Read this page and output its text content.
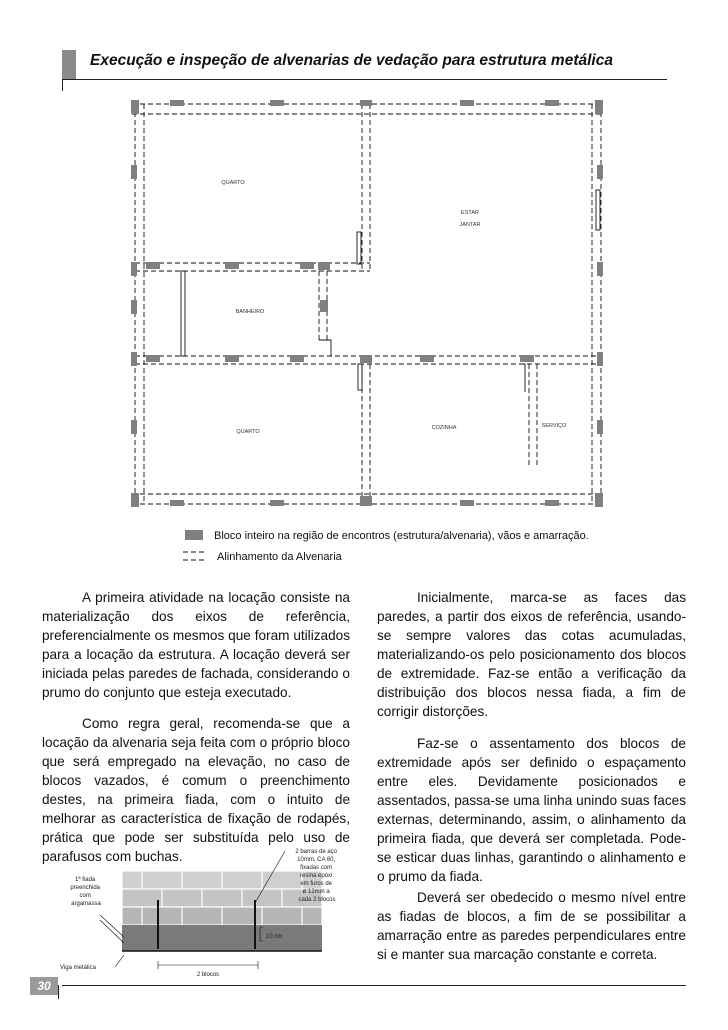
Execução e inspeção de alvenarias de vedação para estrutura metálica
QUARTO
ESTAR
JANTAR
BANHEIRO
QUARTO
COZINHA	SERVIÇO
Bloco inteiro na região de encontros (estrutura/alvenaria), vãos e amarração.
Alinhamento da Alvenaria

A primeira atividade na locação consiste na materialização dos eixos de referência, preferencialmente os mesmos que foram utilizados para a locação da estrutura. A locação deverá ser iniciada pelas paredes de fachada, considerando o prumo do conjunto que esteja executado.

Como regra geral, recomenda-se que a locação da alvenaria seja feita com o próprio bloco que será empregado na elevação, no caso de blocos vazados, é comum o preenchimento destes, na primeira fiada, com o intuito de melhorar as característica de fixação de rodapés, prática que pode ser substituída pelo uso de parafusos com buchas.

Inicialmente, marca-se as faces das paredes, a partir dos eixos de referência, usando-se sempre valores das cotas acumuladas, materializando-os pelo posicionamento dos blocos de extremidade. Faz-se então a verificação da distribuição dos blocos nessa fiada, a fim de corrigir distorções.

Faz-se o assentamento dos blocos de extremidade após ser definido o espaçamento entre eles. Devidamente posicionados e assentados, passa-se uma linha unindo suas faces externas, determinando, assim, o alinhamento da primeira fiada, que deverá ser completada. Pode-se esticar duas linhas, garantindo o alinhamento e o prumo da fiada.

Deverá ser obedecido o mesmo nível entre as fiadas de blocos, a fim de se possibilitar a amarração entre as paredes perpendiculares entre si e manter sua marcação constante e correta.

2 barras de aço 10mm, CA 60, fixadas com resina epóxi em furos de ø 12mm a cada 2 blocos
1ª fiada preenchida com argamassa
Viga metálica
10 cm
2 blocos
30
